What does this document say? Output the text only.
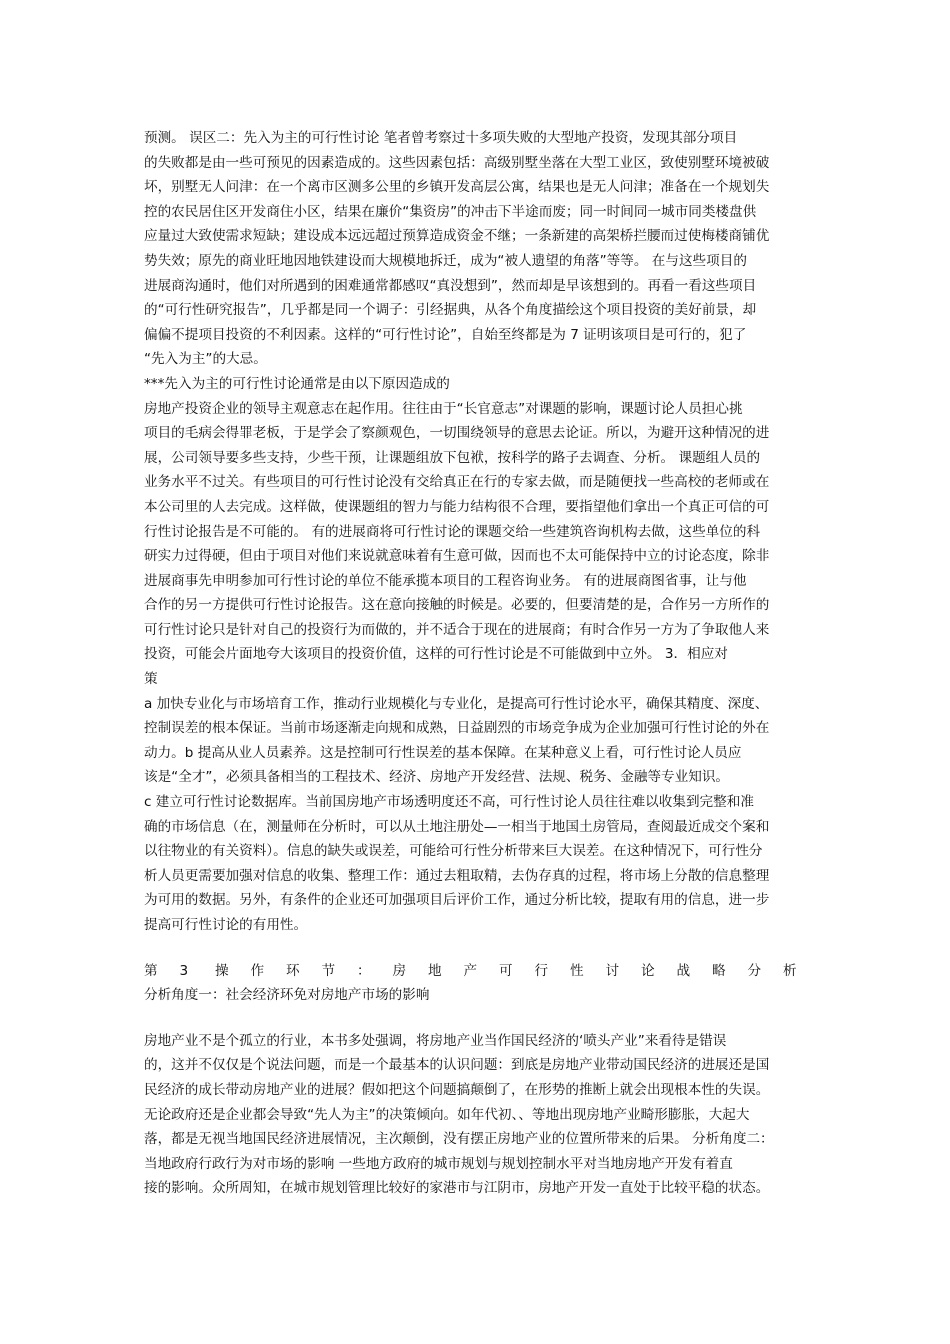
预测。 误区二：先入为主的可行性讨论 笔者曾考察过十多项失败的大型地产投资，发现其部分项目
的失败都是由一些可预见的因素造成的。这些因素包括：高级别墅坐落在大型工业区，致使别墅环境被破
坏，别墅无人问津：在一个离市区测多公里的乡镇开发高层公寓，结果也是无人问津；准备在一个规划失
控的农民居住区开发商住小区，结果在廉价“集资房”的冲击下半途而废；同一时间同一城市同类楼盘供
应量过大致使需求短缺；建设成本远远超过预算造成资金不继；一条新建的高架桥拦腰而过使梅楼商铺优
势失效；原先的商业旺地因地铁建设而大规模地拆迁，成为“被人遗望的角落”等等。 在与这些项目的
进展商沟通时，他们对所遇到的困难通常都感叹“真没想到”，然而却是早该想到的。再看一看这些项目
的“可行性研究报告”，几乎都是同一个调子：引经据典，从各个角度描绘这个项目投资的美好前景，却
偏偏不提项目投资的不利因素。这样的“可行性讨论”，自始至终都是为 7 证明该项目是可行的，犯了
“先入为主”的大忌。
***先入为主的可行性讨论通常是由以下原因造成的
房地产投资企业的领导主观意志在起作用。往往由于“长官意志”对课题的影响，课题讨论人员担心挑
项目的毛病会得罪老板，于是学会了察颜观色，一切围绕领导的意思去论证。所以，为避开这种情况的进
展，公司领导要多些支持，少些干预，让课题组放下包袱，按科学的路子去调查、分析。 课题组人员的
业务水平不过关。有些项目的可行性讨论没有交给真正在行的专家去做，而是随便找一些高校的老师或在
本公司里的人去完成。这样做，使课题组的智力与能力结构很不合理，要指望他们拿出一个真正可信的可
行性讨论报告是不可能的。 有的进展商将可行性讨论的课题交给一些建筑咨询机构去做，这些单位的科
研实力过得硬，但由于项目对他们来说就意味着有生意可做，因而也不太可能保持中立的讨论态度，除非
进展商事先申明参加可行性讨论的单位不能承揽本项目的工程咨询业务。 有的进展商图省事，让与他
合作的另一方提供可行性讨论报告。这在意向接触的时候是。必要的，但要清楚的是，合作另一方所作的
可行性讨论只是针对自己的投资行为而做的，并不适合于现在的进展商；有时合作另一方为了争取他人来
投资，可能会片面地夸大该项目的投资价值，这样的可行性讨论是不可能做到中立外。 3．相应对
策
a 加快专业化与市场培育工作，推动行业规模化与专业化，是提高可行性讨论水平，确保其精度、深度、
控制误差的根本保证。当前市场逐渐走向规和成熟，日益剧烈的市场竞争成为企业加强可行性讨论的外在
动力。b 提高从业人员素养。这是控制可行性误差的基本保障。在某种意义上看，可行性讨论人员应
该是“全才”，必须具备相当的工程技术、经济、房地产开发经营、法规、税务、金融等专业知识。
c 建立可行性讨论数据库。当前国房地产市场透明度还不高，可行性讨论人员往往难以收集到完整和准
确的市场信息（在，测量师在分析时，可以从土地注册处—一相当于地国土房管局，查阅最近成交个案和
以往物业的有关资料）。信息的缺失或误差，可能给可行性分析带来巨大误差。在这种情况下，可行性分
析人员更需要加强对信息的收集、整理工作：通过去粗取精，去伪存真的过程，将市场上分散的信息整理
为可用的数据。另外，有条件的企业还可加强项目后评价工作，通过分析比较，提取有用的信息，进一步
提高可行性讨论的有用性。
第 3 操 作 环 节 ： 房 地 产 可 行 性 讨 论 战 略 分 析
分析角度一：社会经济环免对房地产市场的影响
房地产业不是个孤立的行业，本书多处强调，将房地产业当作国民经济的‘喷头产业”来看待是错误
的，这并不仅仅是个说法问题，而是一个最基本的认识问题：到底是房地产业带动国民经济的进展还是国
民经济的成长带动房地产业的进展？假如把这个问题搞颠倒了，在形势的推断上就会出现根本性的失误。
无论政府还是企业都会导致“先人为主”的决策倾向。如年代初、、等地出现房地产业畸形膨胀，大起大
落，都是无视当地国民经济进展情况，主次颠倒，没有摆正房地产业的位置所带来的后果。 分析角度二：
当地政府行政行为对市场的影响 一些地方政府的城市规划与规划控制水平对当地房地产开发有着直
接的影响。众所周知，在城市规划管理比较好的家港市与江阴市，房地产开发一直处于比较平稳的状态。
